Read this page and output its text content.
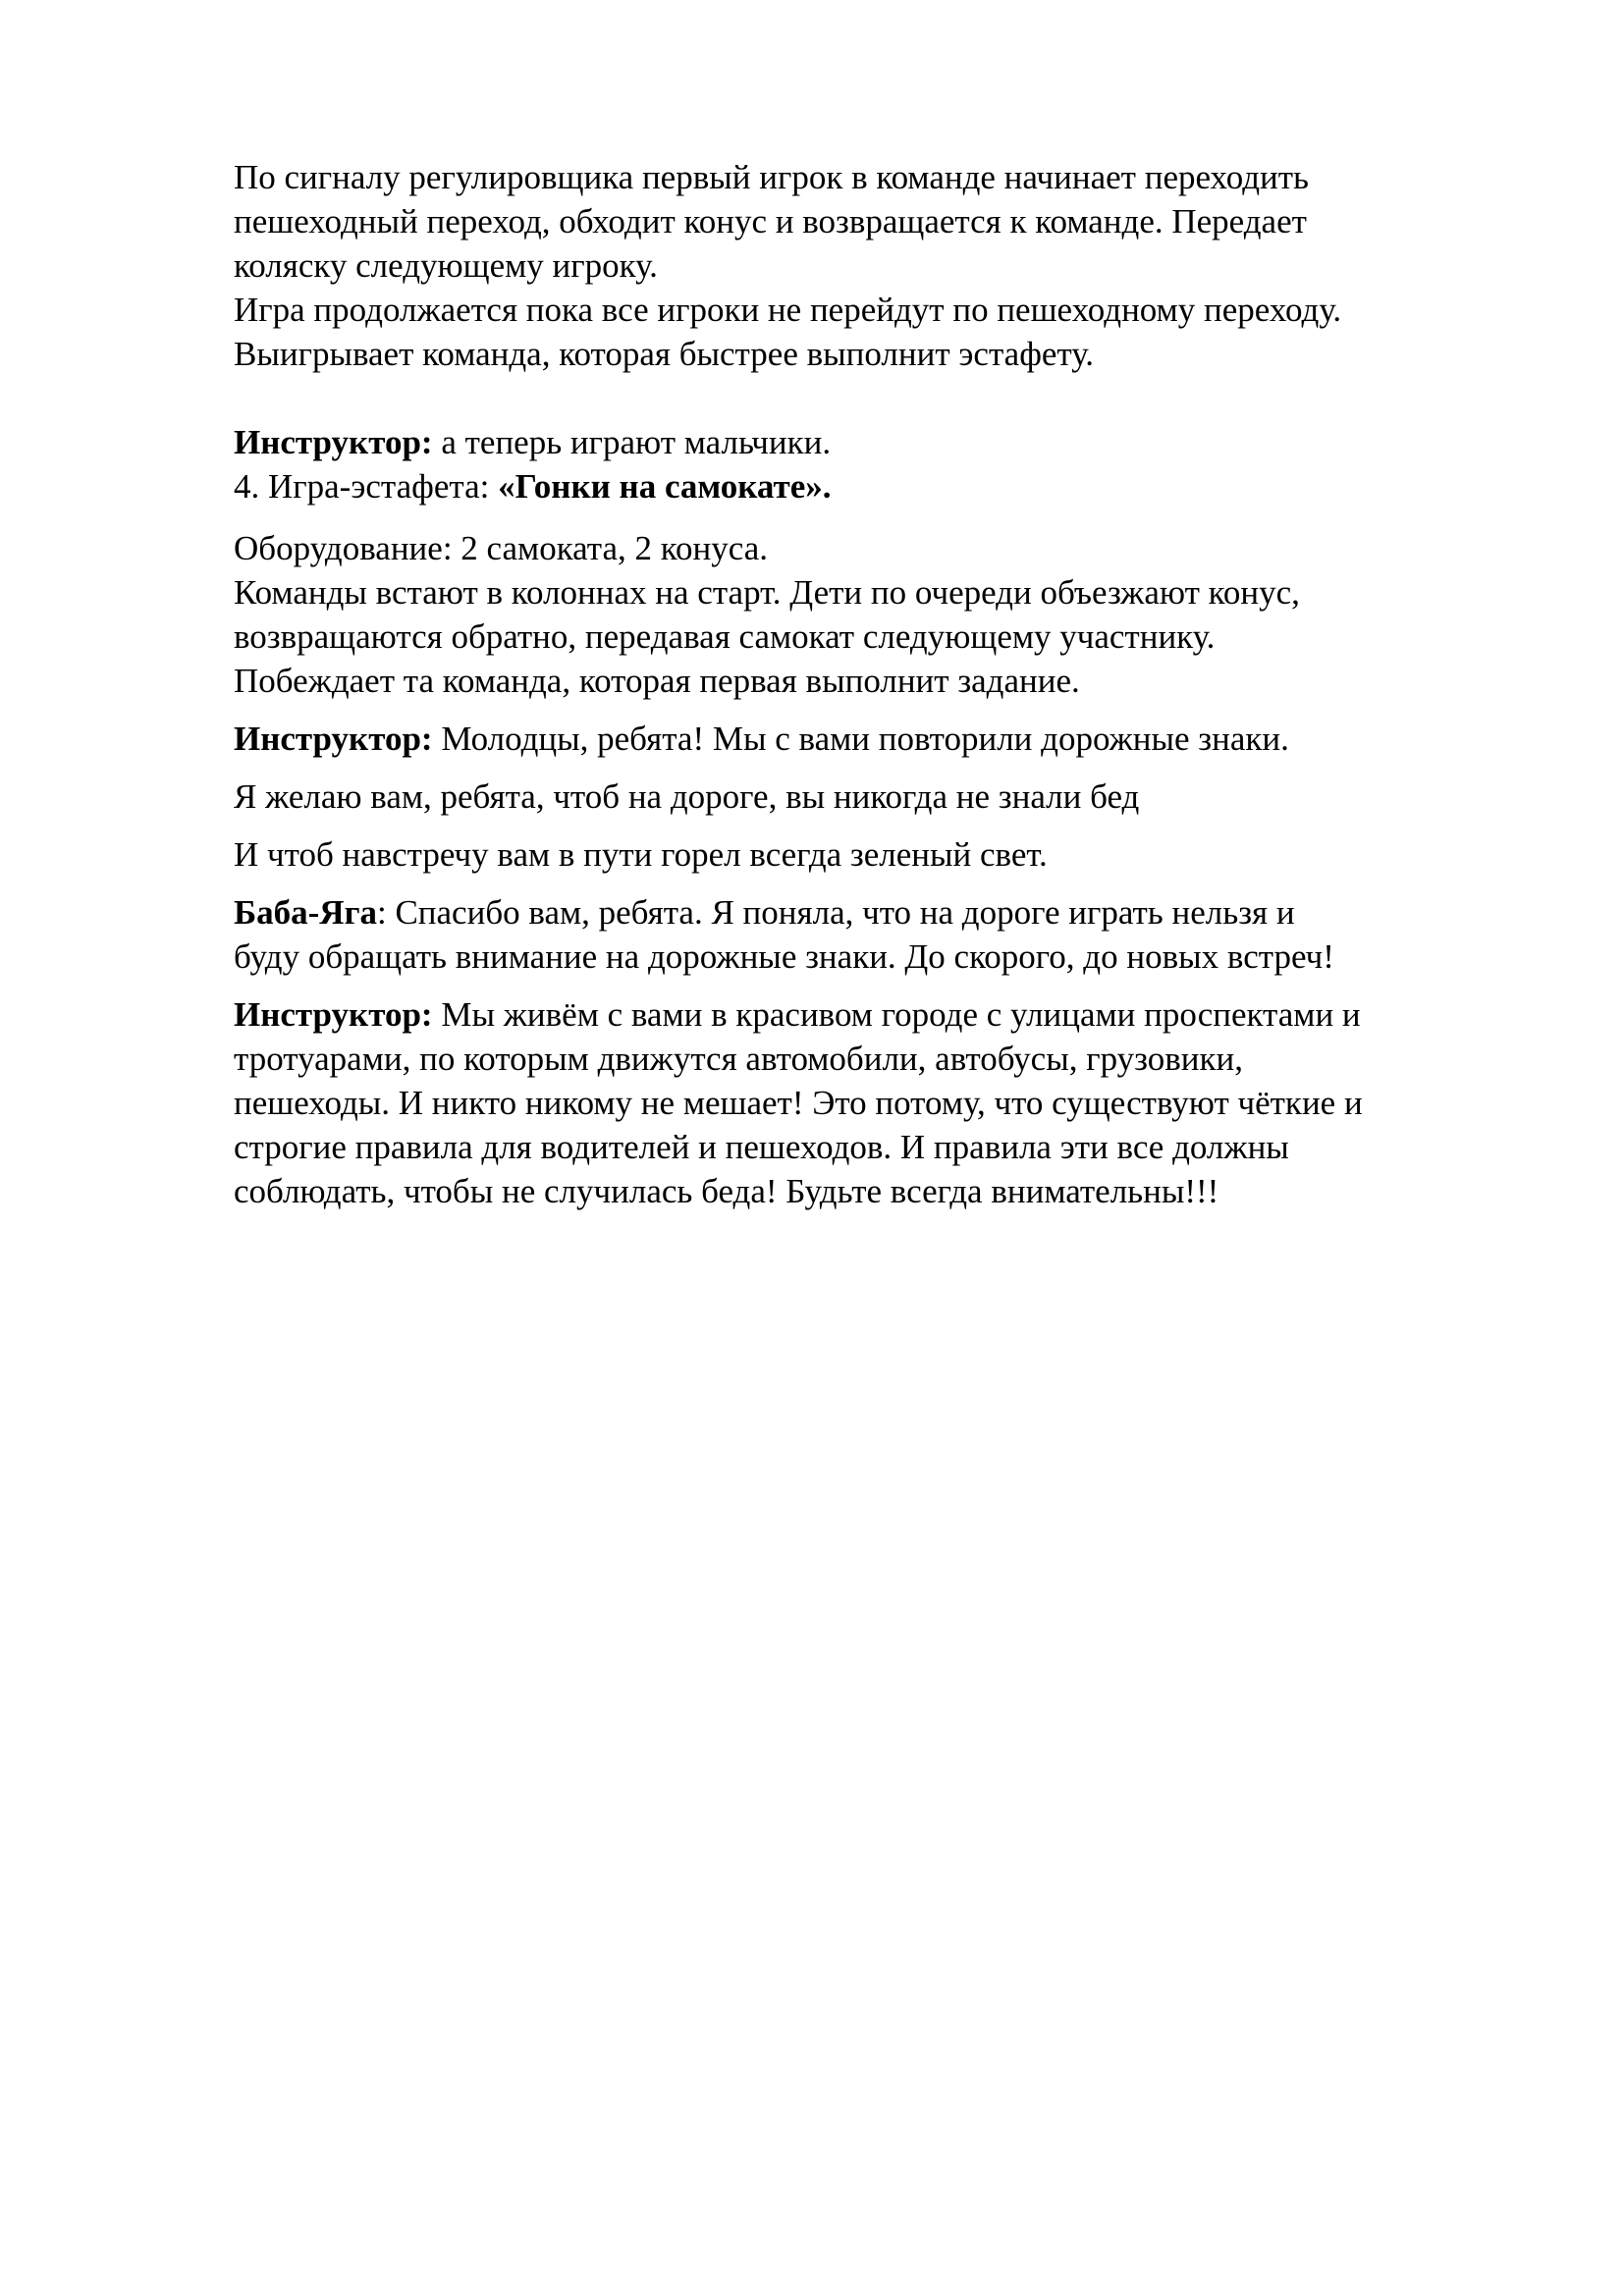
По сигналу регулировщика первый игрок в команде начинает переходить
пешеходный переход, обходит конус и возвращается к команде. Передает
коляску следующему игроку.
Игра продолжается пока все игроки не перейдут по пешеходному переходу.
Выигрывает команда, которая быстрее выполнит эстафету.
Инструктор: а теперь играют мальчики.
4. Игра-эстафета: «Гонки на самокате».
Оборудование: 2 самоката, 2 конуса.
Команды встают в колоннах на старт. Дети по очереди объезжают конус,
возвращаются обратно, передавая самокат следующему участнику.
Побеждает та команда, которая первая выполнит задание.
Инструктор: Молодцы, ребята! Мы с вами повторили дорожные знаки.
Я желаю вам, ребята, чтоб на дороге, вы никогда не знали бед
И чтоб навстречу вам в пути горел всегда зеленый свет.
Баба-Яга: Спасибо вам, ребята. Я поняла, что на дороге играть нельзя и
буду обращать внимание на дорожные знаки. До скорого, до новых встреч!
Инструктор: Мы живём с вами в красивом городе с улицами проспектами и
тротуарами, по которым движутся автомобили, автобусы, грузовики,
пешеходы. И никто никому не мешает! Это потому, что существуют чёткие и
строгие правила для водителей и пешеходов. И правила эти все должны
соблюдать, чтобы не случилась беда! Будьте всегда внимательны!!!
